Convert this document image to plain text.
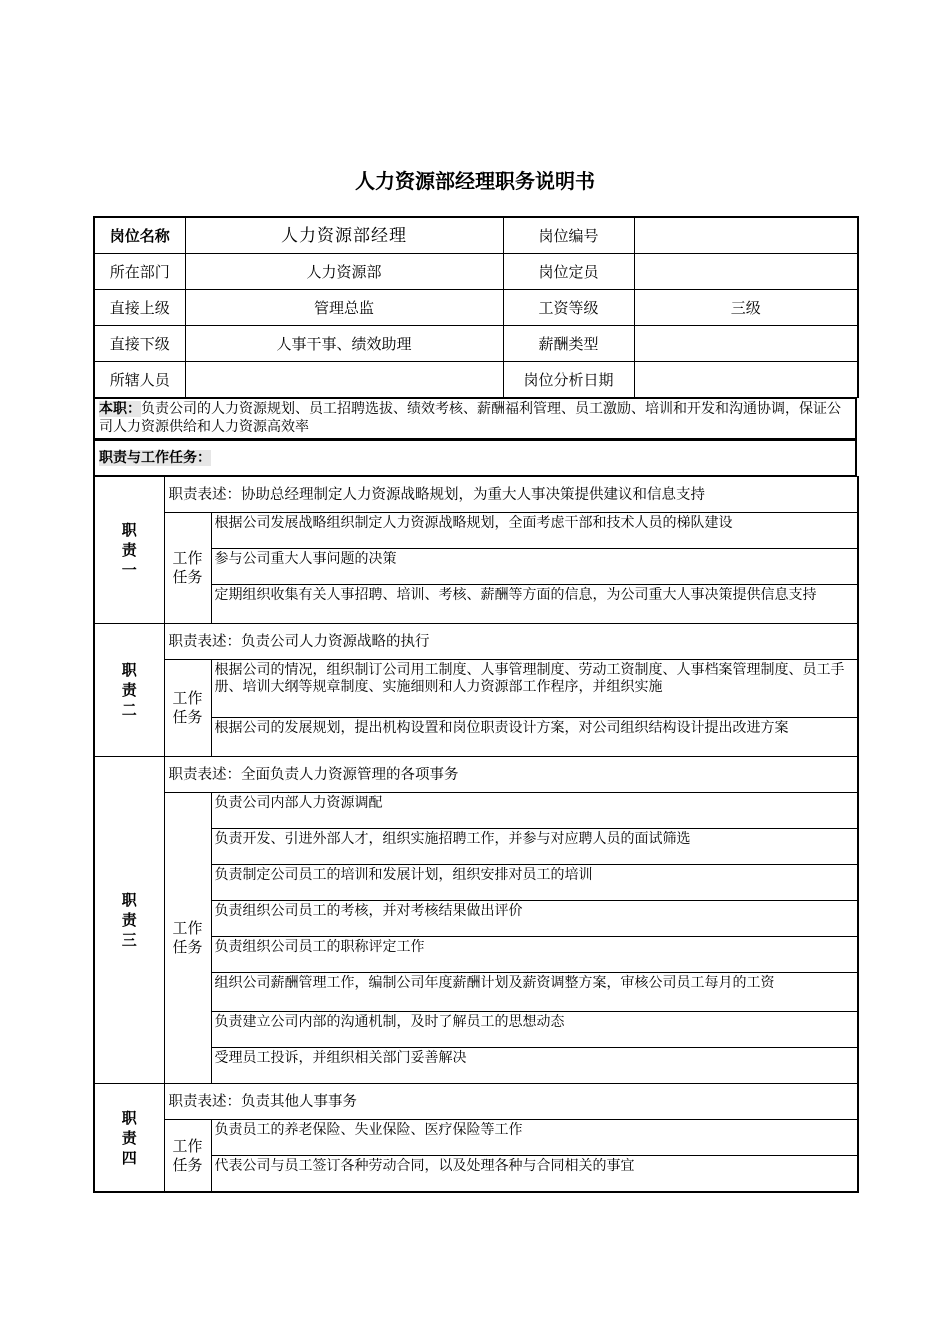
人力资源部经理职务说明书
岗位名称	人力资源部经理	岗位编号	
所在部门	人力资源部	岗位定员	
直接上级	管理总监	工资等级	三级
直接下级	人事干事、绩效助理	薪酬类型	
所辖人员		岗位分析日期	
本职：负责公司的人力资源规划、员工招聘选拔、绩效考核、薪酬福利管理、员工激励、培训和开发和沟通协调，保证公司人力资源供给和人力资源高效率
职责与工作任务：
职责一	职责表述：协助总经理制定人力资源战略规划，为重大人事决策提供建议和信息支持	
	工作任务	根据公司发展战略组织制定人力资源战略规划，全面考虑干部和技术人员的梯队建设
		参与公司重大人事问题的决策
		定期组织收集有关人事招聘、培训、考核、薪酬等方面的信息，为公司重大人事决策提供信息支持
职责二	职责表述：负责公司人力资源战略的执行	
	工作任务	根据公司的情况，组织制订公司用工制度、人事管理制度、劳动工资制度、人事档案管理制度、员工手册、培训大纲等规章制度、实施细则和人力资源部工作程序，并组织实施
		根据公司的发展规划，提出机构设置和岗位职责设计方案，对公司组织结构设计提出改进方案
职责三	职责表述：全面负责人力资源管理的各项事务	
	工作任务	负责公司内部人力资源调配
		负责开发、引进外部人才，组织实施招聘工作，并参与对应聘人员的面试筛选
		负责制定公司员工的培训和发展计划，组织安排对员工的培训
		负责组织公司员工的考核，并对考核结果做出评价
		负责组织公司员工的职称评定工作
		组织公司薪酬管理工作，编制公司年度薪酬计划及薪资调整方案，审核公司员工每月的工资
		负责建立公司内部的沟通机制，及时了解员工的思想动态
		受理员工投诉，并组织相关部门妥善解决
职责四	职责表述：负责其他人事事务	
	工作任务	负责员工的养老保险、失业保险、医疗保险等工作
		代表公司与员工签订各种劳动合同，以及处理各种与合同相关的事宜
